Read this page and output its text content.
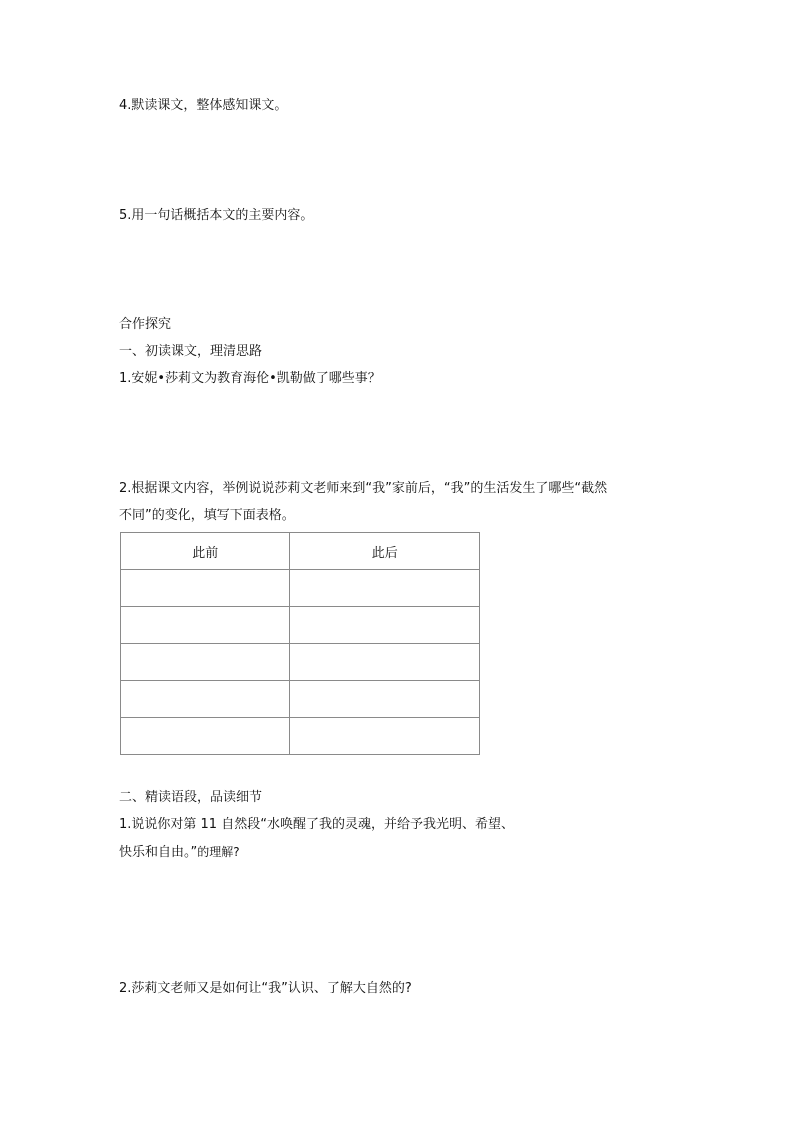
4.默读课文，整体感知课文。
5.用一句话概括本文的主要内容。
合作探究
一、初读课文，理清思路
1.安妮•莎莉文为教育海伦•凯勒做了哪些事？
2.根据课文内容，举例说说莎莉文老师来到“我”家前后，“我”的生活发生了哪些“截然
不同”的变化，填写下面表格。
此前	此后

二、精读语段，品读细节
1.说说你对第 11 自然段“水唤醒了我的灵魂，并给予我光明、希望、
快乐和自由。”的理解?
2.莎莉文老师又是如何让“我”认识、了解大自然的?
